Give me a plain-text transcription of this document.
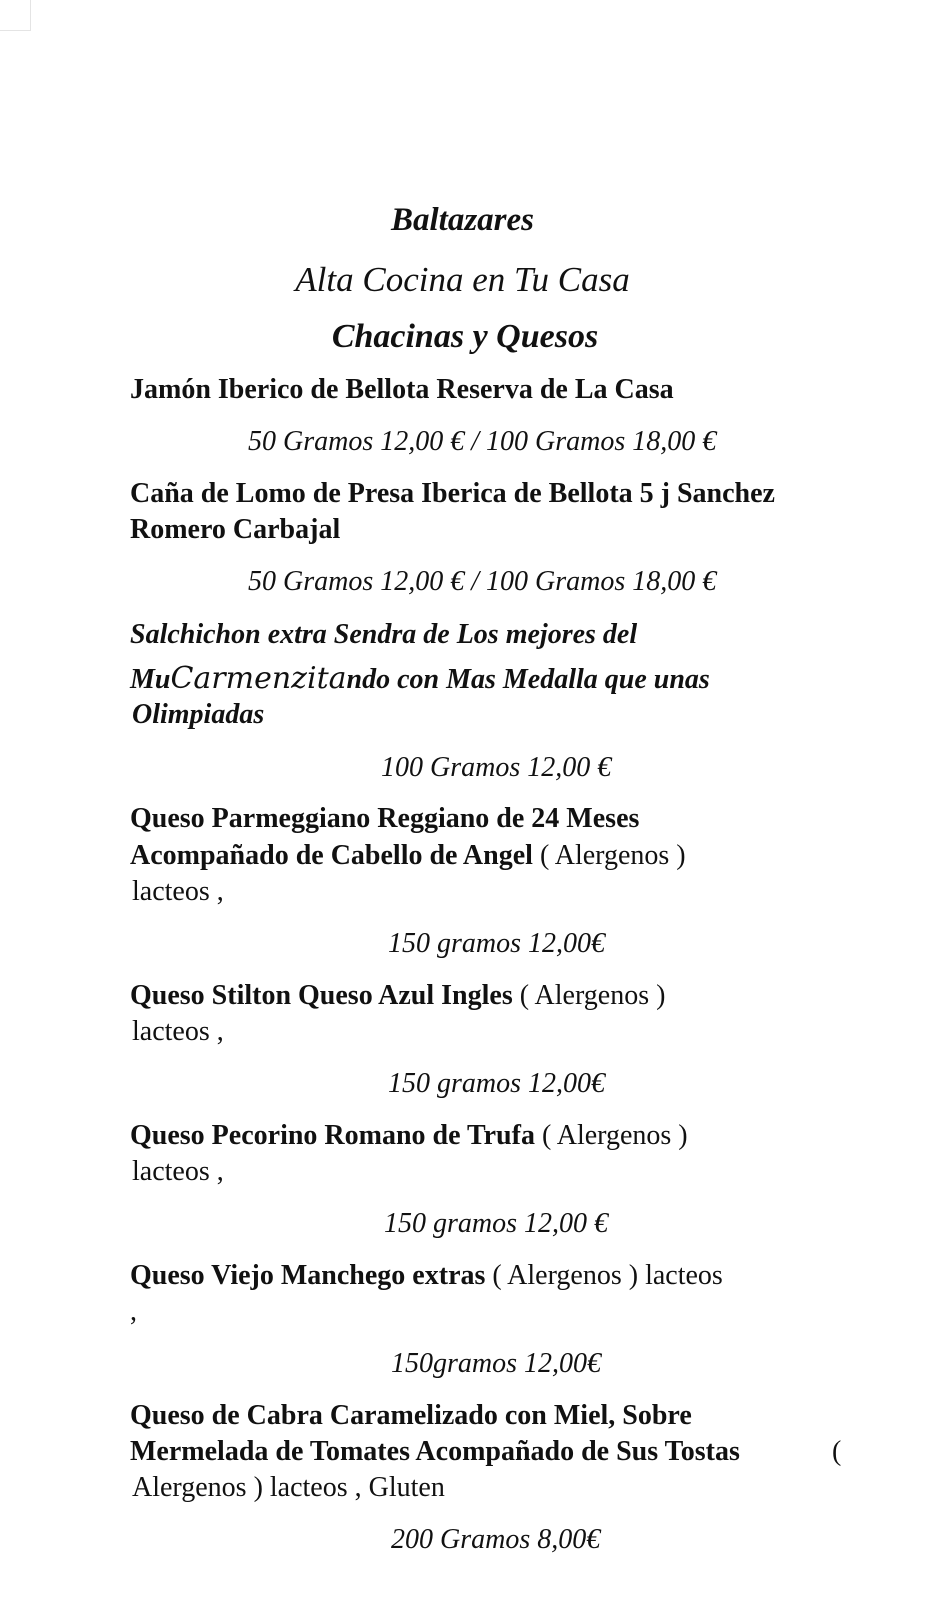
Baltazares
Alta Cocina en Tu Casa
Chacinas y Quesos
Jamón Iberico de Bellota Reserva de La Casa
50 Gramos 12,00 € / 100 Gramos 18,00 €
Caña de Lomo de Presa Iberica de Bellota 5 j Sanchez
Romero Carbajal
50 Gramos 12,00 € / 100 Gramos 18,00 €
Salchichon extra Sendra de Los mejores del
MuCarmenzitando con Mas Medalla que unas
Olimpiadas
100 Gramos 12,00 €
Queso Parmeggiano Reggiano de 24 Meses
Acompañado de Cabello de Angel ( Alergenos )
lacteos ,
150 gramos 12,00€
Queso Stilton Queso Azul Ingles ( Alergenos )
lacteos ,
150 gramos 12,00€
Queso Pecorino Romano de Trufa ( Alergenos )
lacteos ,
150 gramos 12,00 €
Queso Viejo Manchego extras ( Alergenos ) lacteos
,
150gramos 12,00€
Queso de Cabra Caramelizado con Miel, Sobre
Mermelada de Tomates Acompañado de Sus Tostas	(
Alergenos ) lacteos , Gluten
200 Gramos 8,00€
